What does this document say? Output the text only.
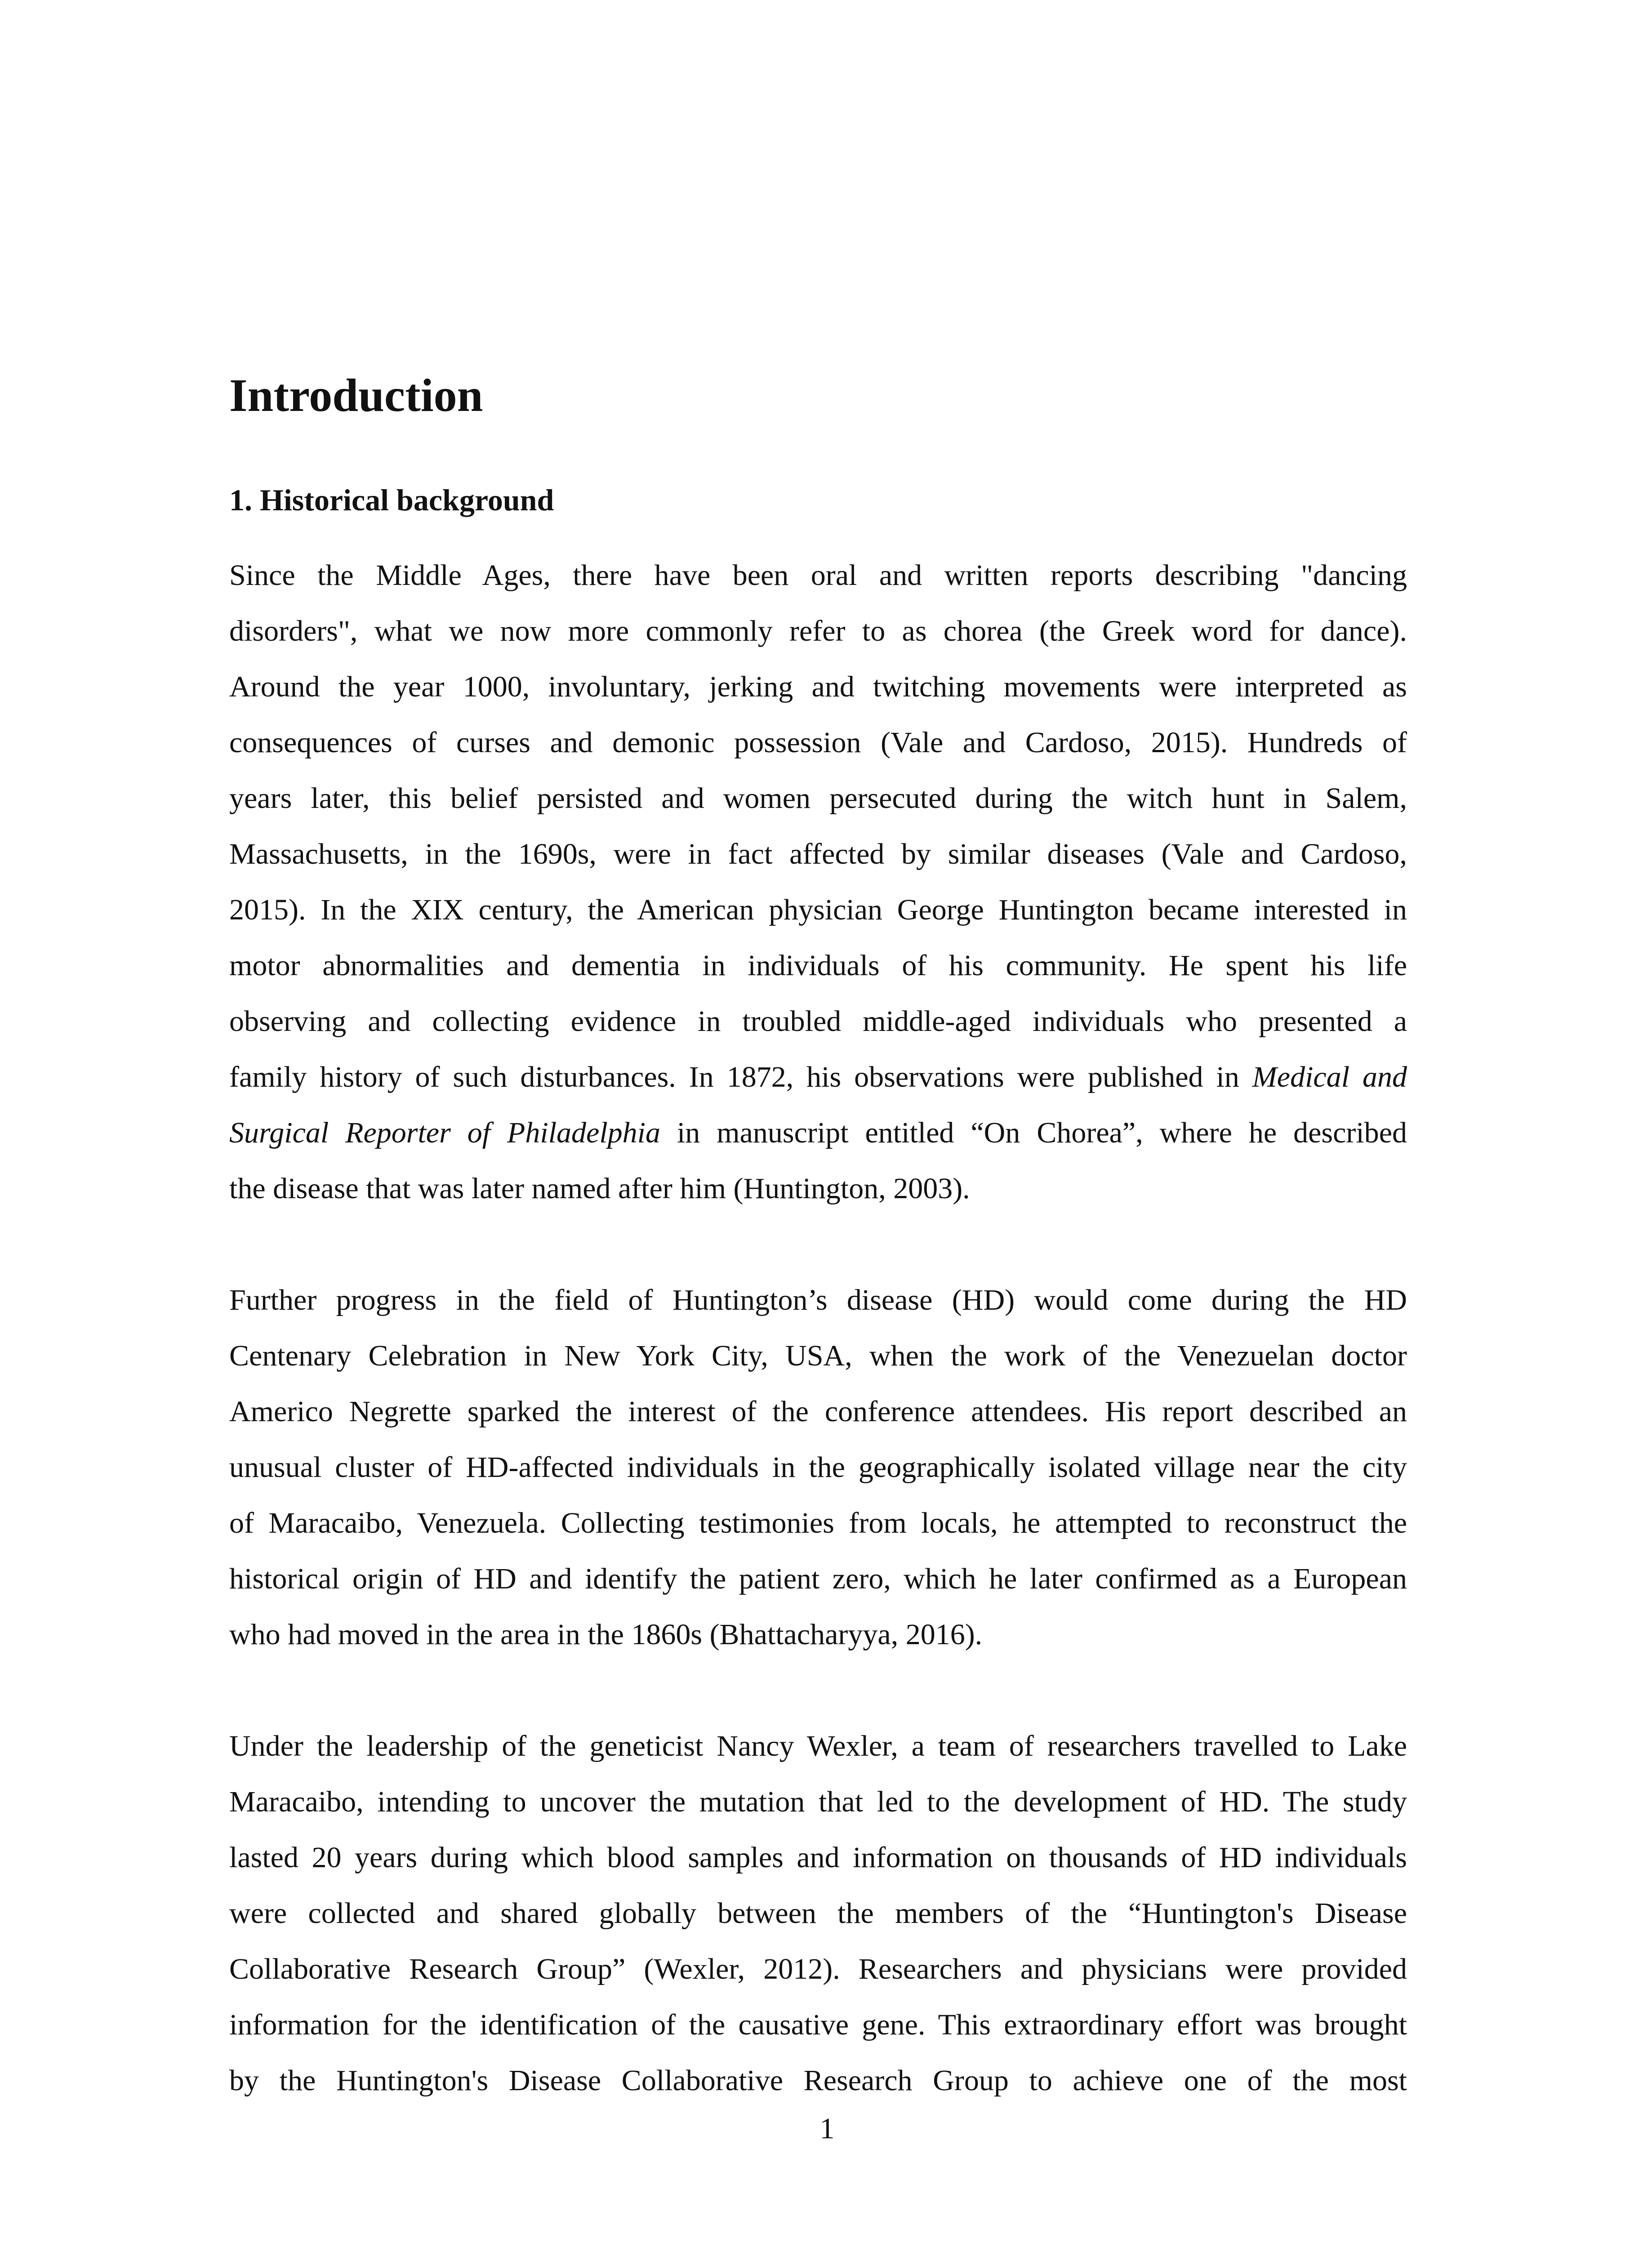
Introduction
1. Historical background
Since the Middle Ages, there have been oral and written reports describing "dancing
disorders", what we now more commonly refer to as chorea (the Greek word for dance).
Around the year 1000, involuntary, jerking and twitching movements were interpreted as
consequences of curses and demonic possession (Vale and Cardoso, 2015). Hundreds of
years later, this belief persisted and women persecuted during the witch hunt in Salem,
Massachusetts, in the 1690s, were in fact affected by similar diseases (Vale and Cardoso,
2015). In the XIX century, the American physician George Huntington became interested in
motor abnormalities and dementia in individuals of his community. He spent his life
observing and collecting evidence in troubled middle-aged individuals who presented a
family history of such disturbances. In 1872, his observations were published in Medical and
Surgical Reporter of Philadelphia in manuscript entitled “On Chorea”, where he described
the disease that was later named after him (Huntington, 2003).
Further progress in the field of Huntington’s disease (HD) would come during the HD
Centenary Celebration in New York City, USA, when the work of the Venezuelan doctor
Americo Negrette sparked the interest of the conference attendees. His report described an
unusual cluster of HD-affected individuals in the geographically isolated village near the city
of Maracaibo, Venezuela. Collecting testimonies from locals, he attempted to reconstruct the
historical origin of HD and identify the patient zero, which he later confirmed as a European
who had moved in the area in the 1860s (Bhattacharyya, 2016).
Under the leadership of the geneticist Nancy Wexler, a team of researchers travelled to Lake
Maracaibo, intending to uncover the mutation that led to the development of HD. The study
lasted 20 years during which blood samples and information on thousands of HD individuals
were collected and shared globally between the members of the “Huntington's Disease
Collaborative Research Group” (Wexler, 2012). Researchers and physicians were provided
information for the identification of the causative gene. This extraordinary effort was brought
by the Huntington's Disease Collaborative Research Group to achieve one of the most
1
